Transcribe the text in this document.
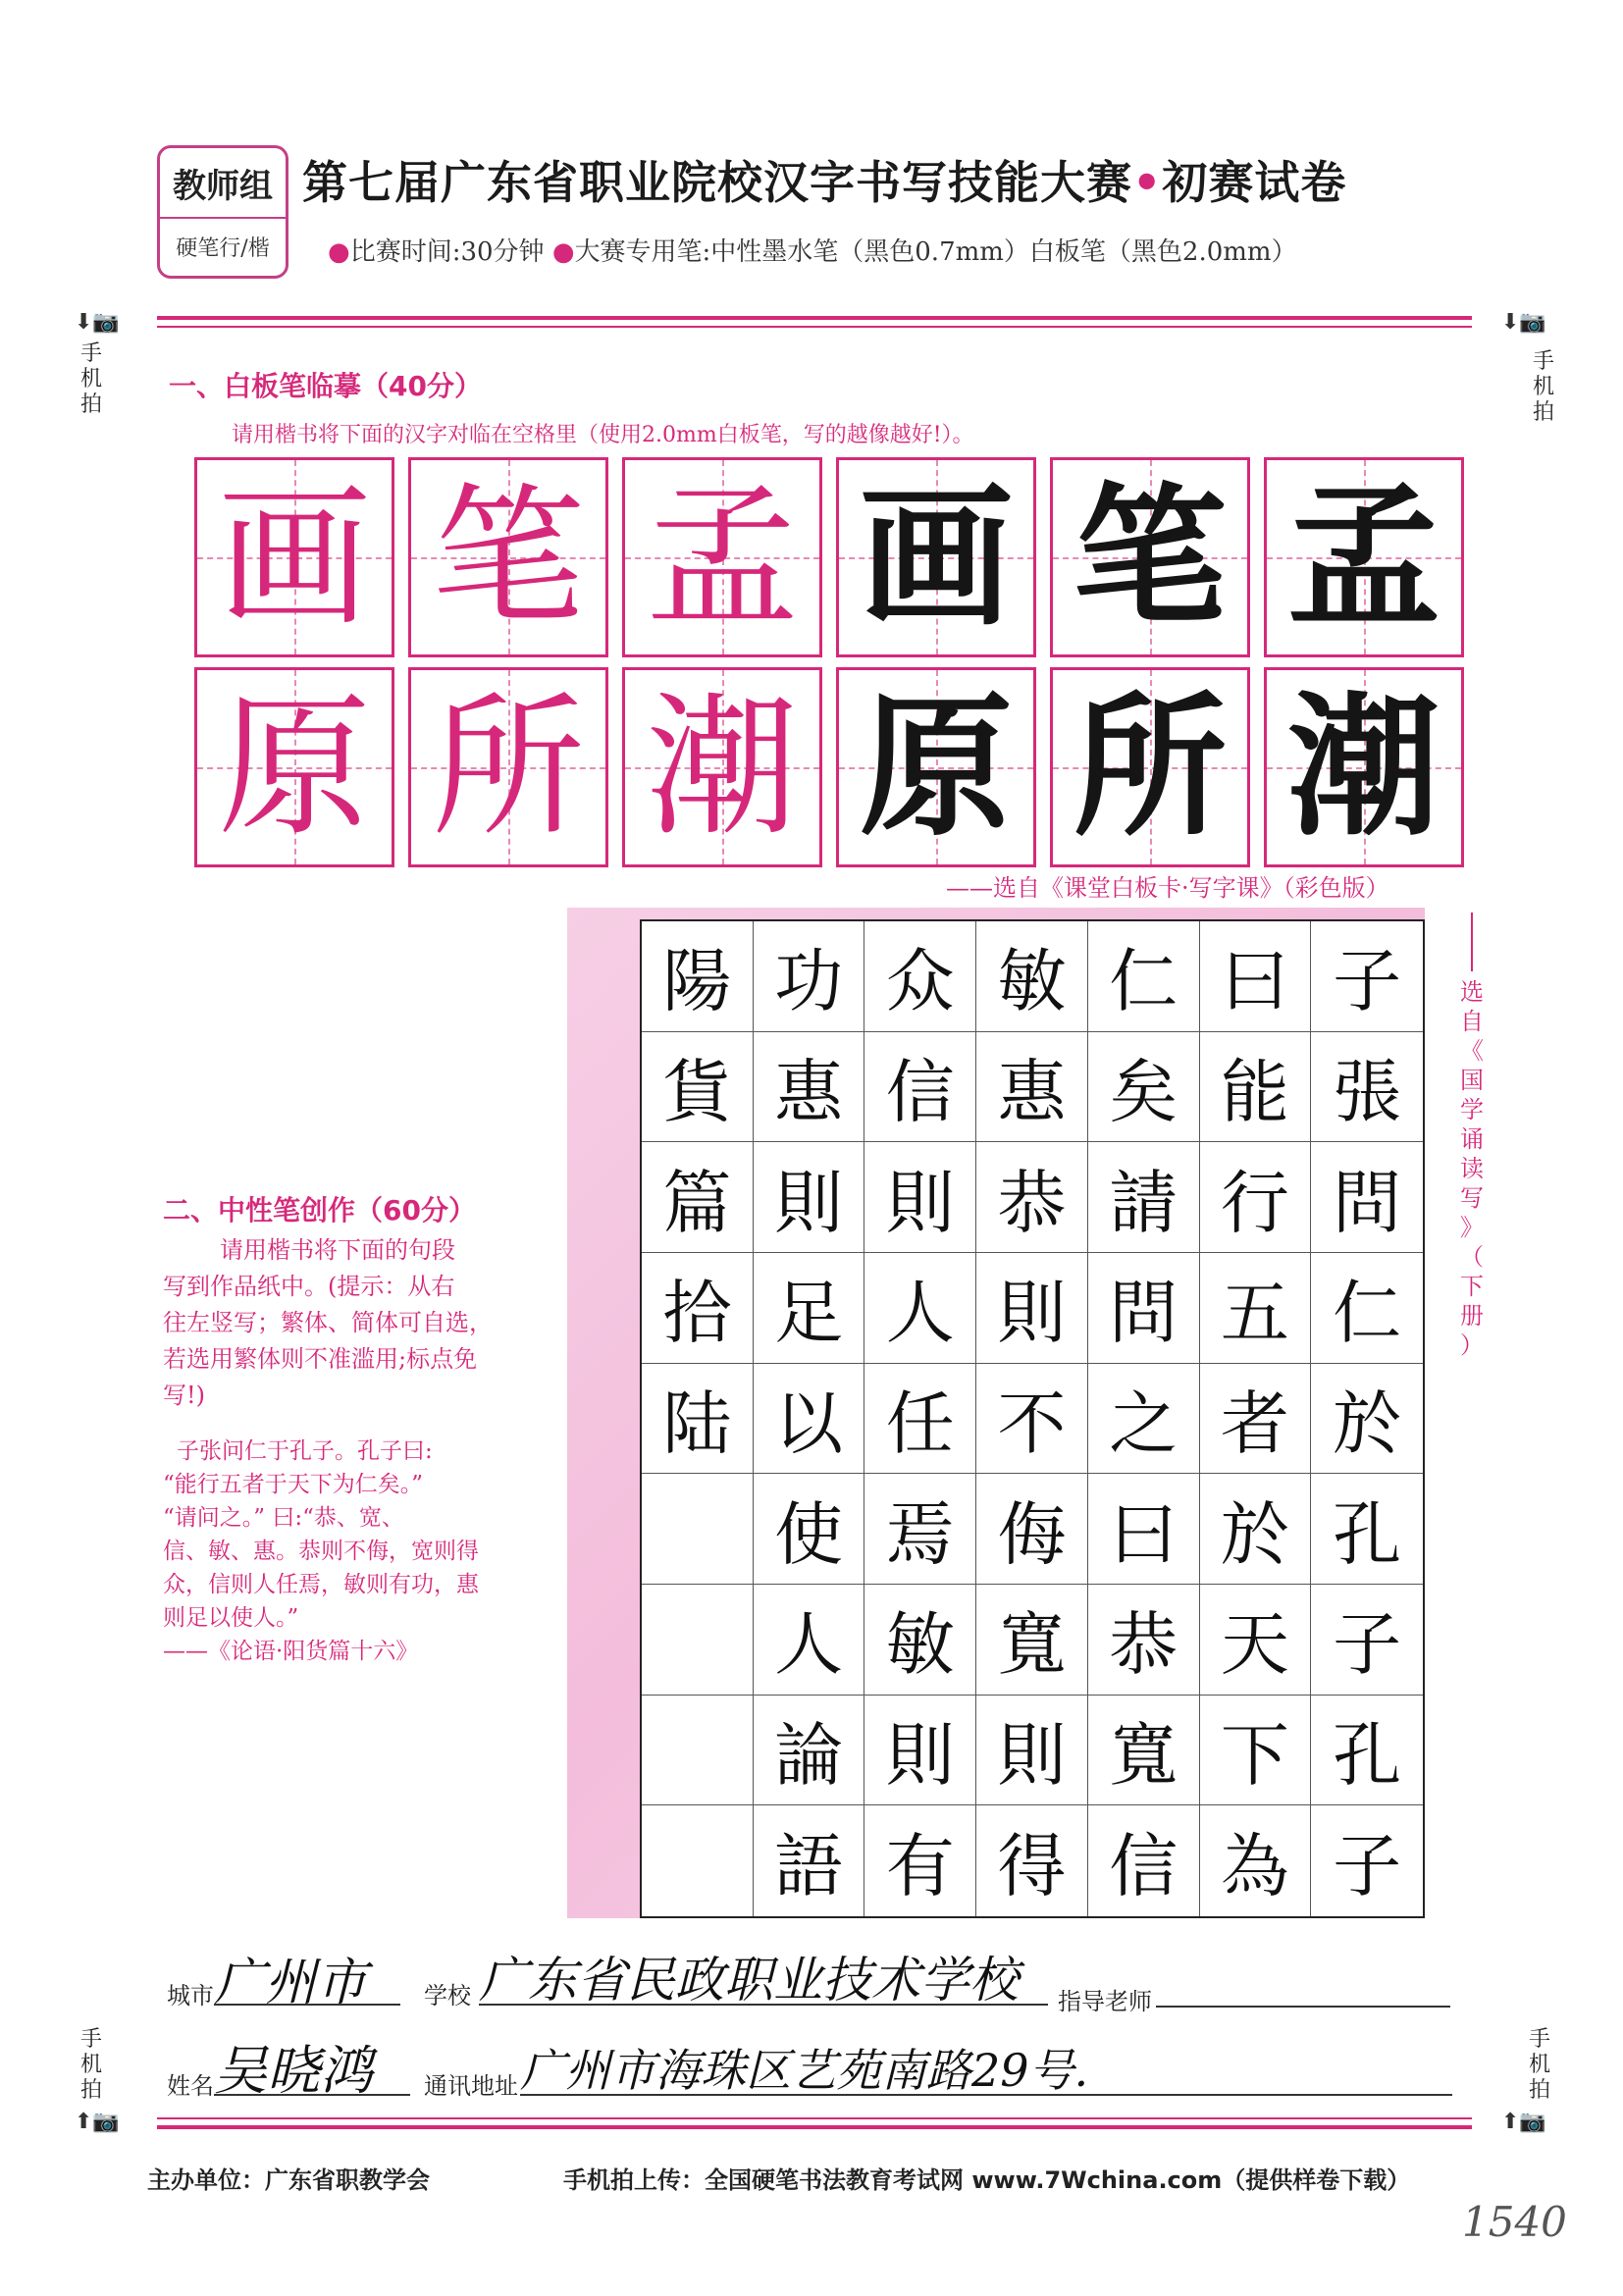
教师组
硬笔行/楷
第七届广东省职业院校汉字书写技能大赛•初赛试卷
●比赛时间:30分钟 ●大赛专用笔:中性墨水笔（黑色0.7mm）白板笔（黑色2.0mm）
⬇📷
手
机
拍
⬇📷
手
机
拍
一、白板笔临摹（40分）
请用楷书将下面的汉字对临在空格里（使用2.0mm白板笔，写的越像越好!）。
画 笔 孟 画 笔 孟
原 所 潮 原 所 潮
——选自《课堂白板卡·写字课》（彩色版）
二、中性笔创作（60分）

请用楷书将下面的句段

写到作品纸中。(提示：从右

往左竖写；繁体、简体可自选，

若选用繁体则不准滥用;标点免

写!)

子张问仁于孔子。孔子曰:

“能行五者于天下为仁矣。”

“请问之。” 曰:“恭、宽、

信、敏、惠。恭则不侮，宽则得

众，信则人任焉，敏则有功，惠

则足以使人。”

——《论语·阳货篇十六》

陽 功 众 敏 仁 曰 子
貨 惠 信 惠 矣 能 張
篇 則 則 恭 請 行 問
拾 足 人 則 問 五 仁
陆 以 任 不 之 者 於
使 焉 侮 曰 於 孔
人 敏 寬 恭 天 子
論 則 則 寬 下 孔
語 有 得 信 為 子
选
自
《
国
学
诵
读
写
》
（
下
册
）
城市 广州市 学校 广东省民政职业技术学校 指导老师
姓名 吴晓鸿 通讯地址 广州市海珠区艺苑南路29号.
手
机
拍
⬆📷
手
机
拍
⬆📷
主办单位：广东省职教学会	手机拍上传：全国硬笔书法教育考试网 www.7Wchina.com（提供样卷下载）
1540
